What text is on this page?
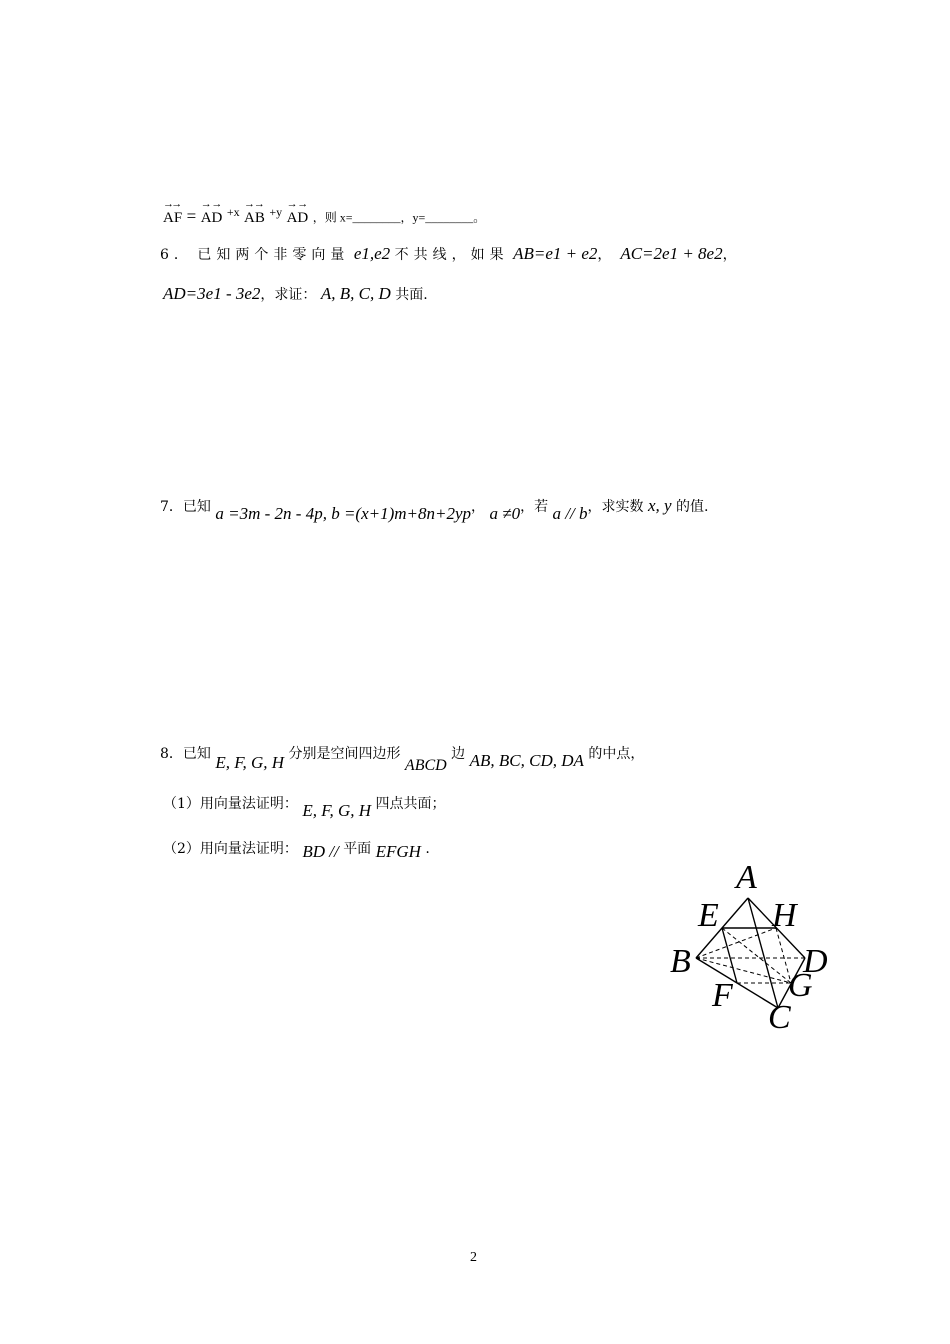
→ AF → = → AD → $^{+x}$ → AB → $^{+y}$ → AD → ，则 x=________，y=________。
6． 已知两个非零向量 e1,e2 不共线，如果 AB=e1 + e2，  AC=2e1 + 8e2，
AD=3e1 - 3e2，求证： A, B, C, D 共面.
7．已知 a =3m - 2n - 4p, b =(x+1)m+8n+2yp， a ≠0，若 a // b，求实数 x, y 的值.
8．已知 E, F, G, H 分别是空间四边形 ABCD 边 AB, BC, CD, DA 的中点，
（1）用向量法证明： E, F, G, H 四点共面；
（2）用向量法证明： BD // 平面 EFGH .
A
E H
B	D
G
F
C
2
